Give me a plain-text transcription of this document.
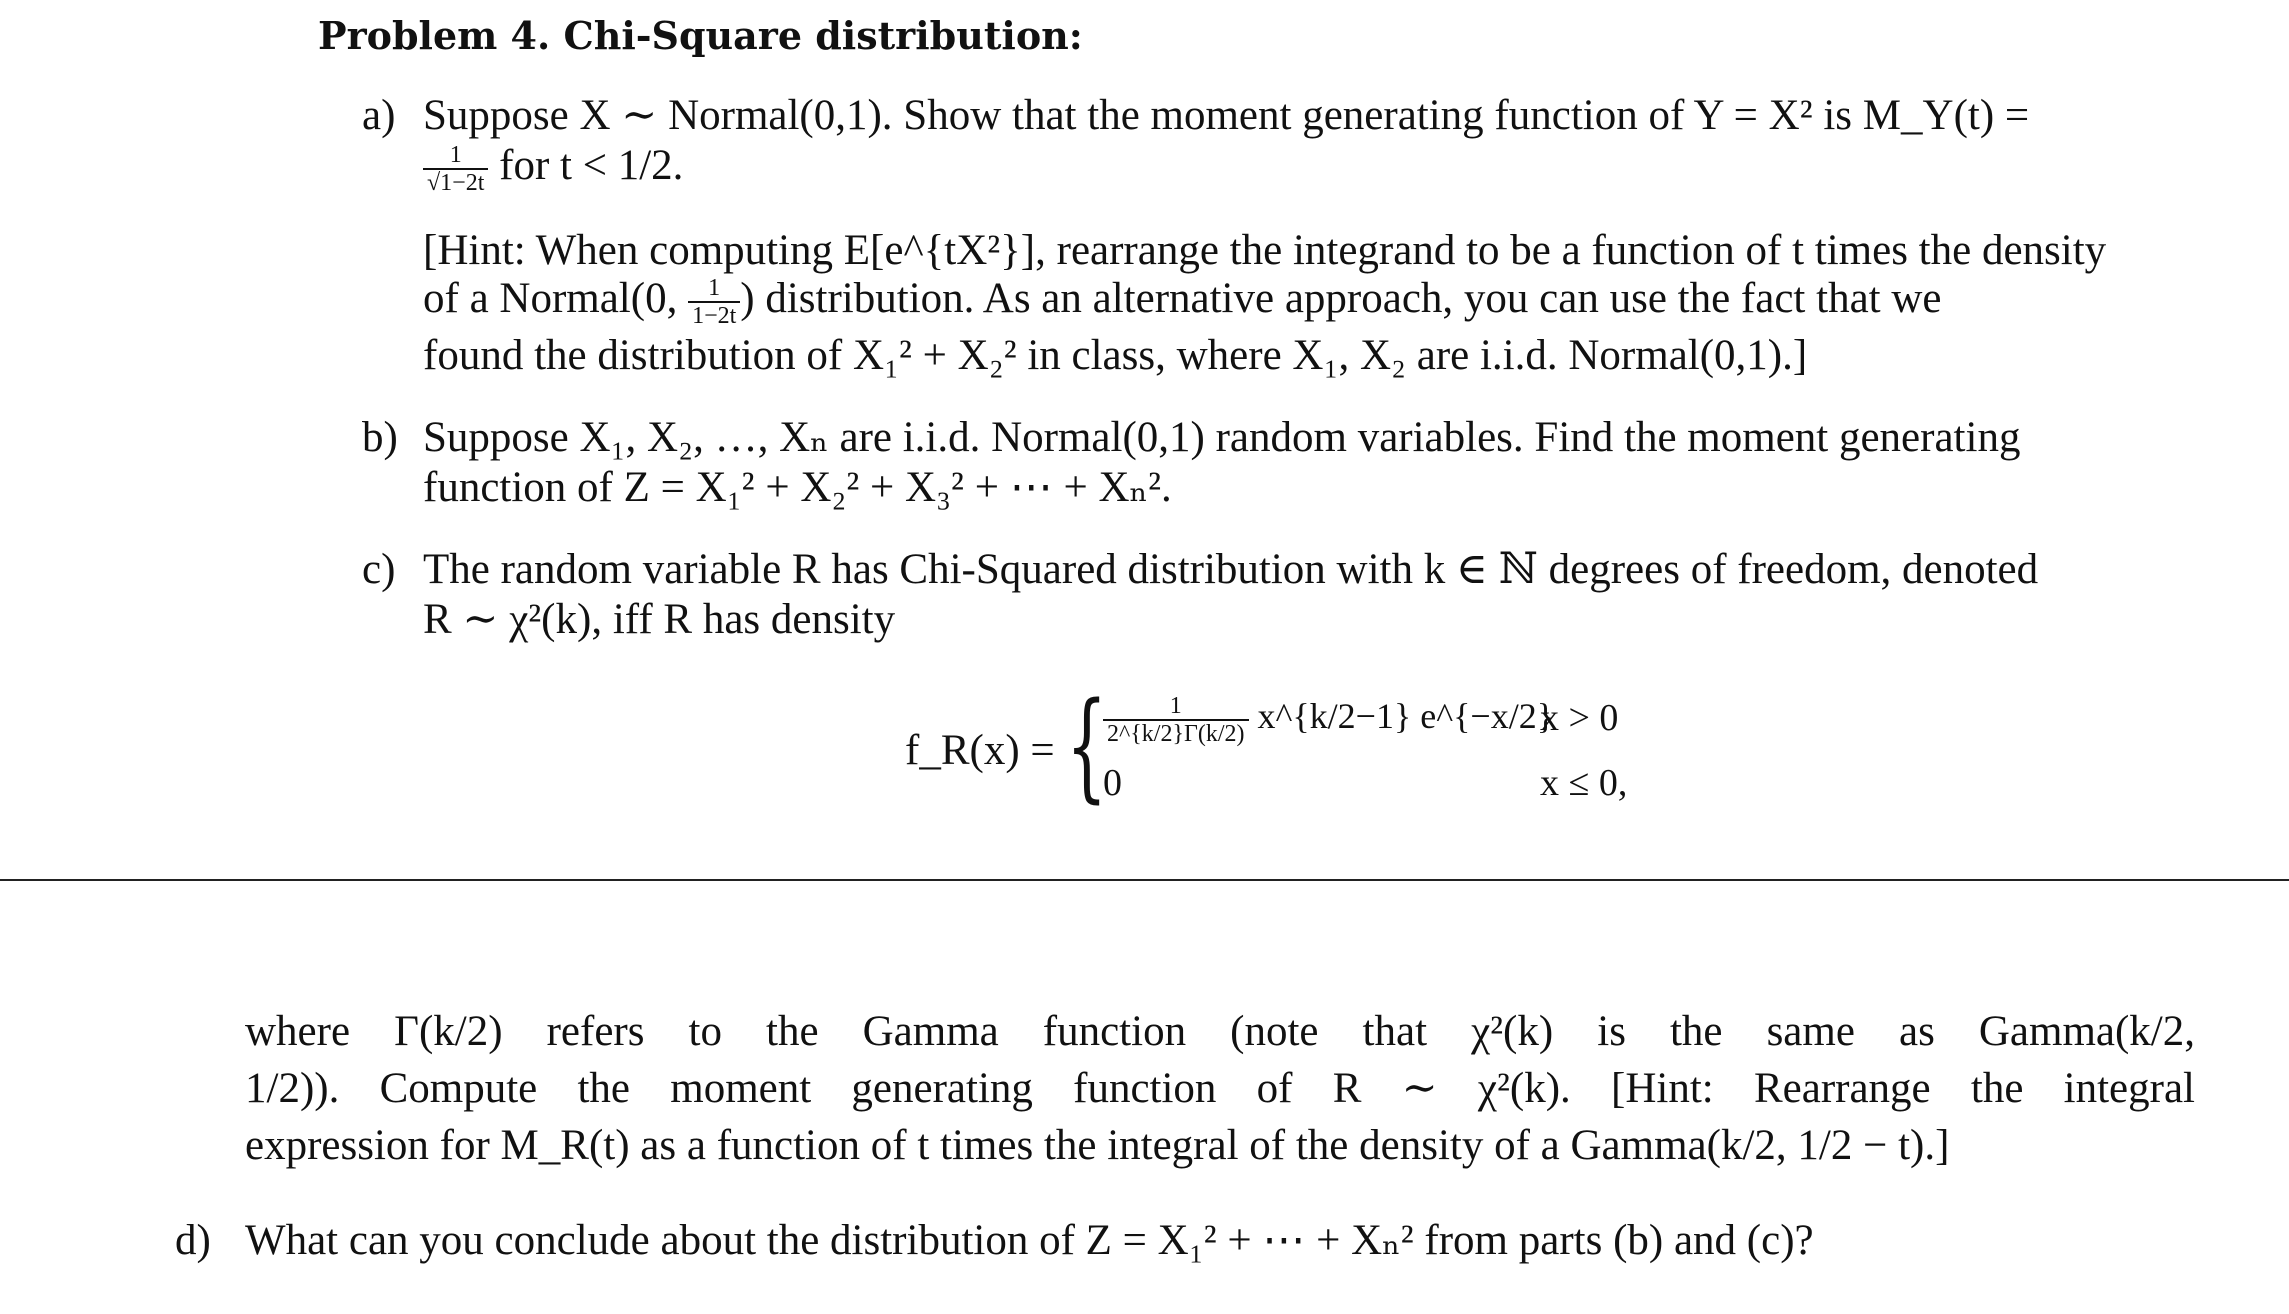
Problem 4. Chi-Square distribution:
a) Suppose X ∼ Normal(0,1). Show that the moment generating function of Y = X² is M_Y(t) =
$\frac{1}{√1-2t}$ for t < 1/2.
[Hint: When computing E[e^{tX²}], rearrange the integrand to be a function of t times the density
of a Normal(0, $\frac{1}{1-2t}$ ) distribution. As an alternative approach, you can use the fact that we
found the distribution of X₁² + X₂² in class, where X₁, X₂ are i.i.d. Normal(0,1).]
b) Suppose X₁, X₂, …, Xₙ are i.i.d. Normal(0,1) random variables. Find the moment generating
function of Z = X₁² + X₂² + X₃² + ⋯ + Xₙ².
c) The random variable R has Chi-Squared distribution with k ∈ ℕ degrees of freedom, denoted
R ∼ χ²(k), iff R has density
f_R(x) = {
$\frac{1}{2\^{}\{k/2\}\Gamma(k/2)}$ x^{k/2−1} e^{−x/2}
x > 0
0	x ≤ 0,
where Γ(k/2) refers to the Gamma function (note that χ²(k) is the same as Gamma(k/2,
1/2)). Compute the moment generating function of R ∼ χ²(k). [Hint: Rearrange the integral
expression for M_R(t) as a function of t times the integral of the density of a Gamma(k/2, 1/2 − t).]
d) What can you conclude about the distribution of Z = X₁² + ⋯ + Xₙ² from parts (b) and (c)?
